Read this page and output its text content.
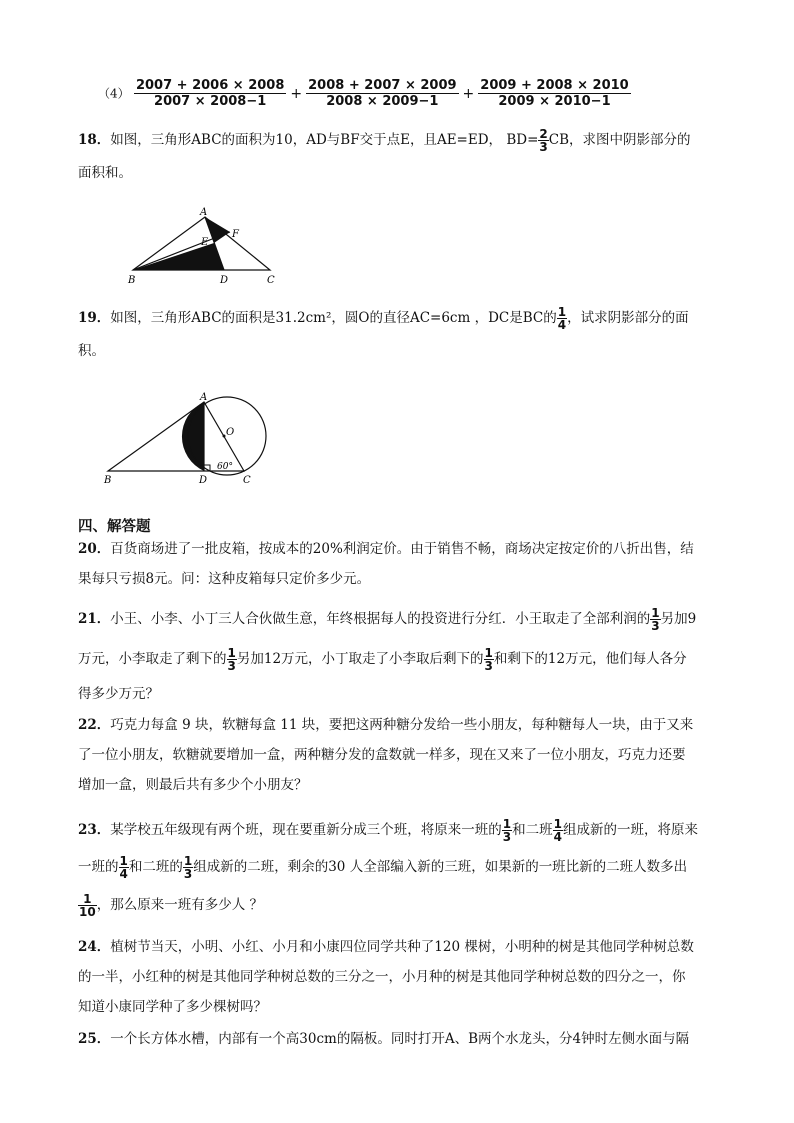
$(4) \frac{2007 + 2006 \times 2008}{2007 \times 2008-1} + \frac{2008 + 2007 \times 2009}{2008 \times 2009-1} + \frac{2009 + 2008 \times 2010}{2009 \times 2010-1}$
18．如图，三角形ABC的面积为10，AD与BF交于点E，且AE=ED， $BD= \frac{2}{3}$ CB，求图中阴影部分的
面积和。
A
B	C
D
E
F
19．如图，三角形ABC的面积是31.2cm²，圆O的直径AC=6cm ，DC是BC的 $\frac{1}{4}$ ，试求阴影部分的面
积。
A
B	C
D
O
60°
四、解答题
20．百货商场进了一批皮箱，按成本的20%利润定价。由于销售不畅，商场决定按定价的八折出售，结
果每只亏损8元。问：这种皮箱每只定价多少元。
21．小王、小李、小丁三人合伙做生意，年终根据每人的投资进行分红．小王取走了全部利润的 $\frac{1}{3}$ 另加9
万元，小李取走了剩下的 $\frac{1}{3}$ 另加12万元，小丁取走了小李取后剩下的 $\frac{1}{3}$ 和剩下的12万元，他们每人各分
得多少万元？
22．巧克力每盒 9 块，软糖每盒 11 块，要把这两种糖分发给一些小朋友，每种糖每人一块，由于又来
了一位小朋友，软糖就要增加一盒，两种糖分发的盒数就一样多，现在又来了一位小朋友，巧克力还要
增加一盒，则最后共有多少个小朋友？
23．某学校五年级现有两个班，现在要重新分成三个班，将原来一班的 $\frac{1}{3}$ 和二班 $\frac{1}{4}$ 组成新的一班，将原来
一班的 $\frac{1}{4}$ 和二班的 $\frac{1}{3}$ 组成新的二班，剩余的30 人全部编入新的三班，如果新的一班比新的二班人数多出
$\frac{1}{10}$ ，那么原来一班有多少人 ？
24．植树节当天，小明、小红、小月和小康四位同学共种了120 棵树，小明种的树是其他同学种树总数
的一半，小红种的树是其他同学种树总数的三分之一，小月种的树是其他同学种树总数的四分之一，你
知道小康同学种了多少棵树吗？
25．一个长方体水槽，内部有一个高30cm的隔板。同时打开A、B两个水龙头，分4钟时左侧水面与隔
